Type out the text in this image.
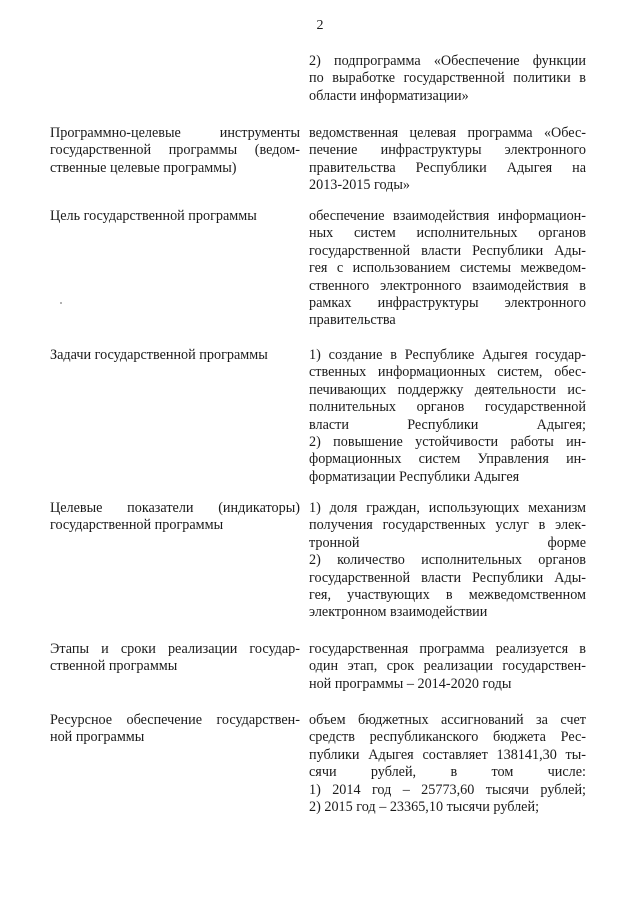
2
2) подпрограмма «Обеспечение функции
по выработке государственной политики в
области информатизации»
Программно-целевые инструменты
государственной программы (ведом-
ственные целевые программы)
ведомственная целевая программа «Обес-
печение инфраструктуры электронного
правительства Республики Адыгея на
2013-2015 годы»
Цель государственной программы	обеспечение взаимодействия информацион-
ных систем исполнительных органов
государственной власти Республики Ады-
гея с использованием системы межведом-
ственного электронного взаимодействия в
рамках инфраструктуры электронного
правительства
Задачи государственной программы	1) создание в Республике Адыгея государ-
ственных информационных систем, обес-
печивающих поддержку деятельности ис-
полнительных органов государственной
власти Республики Адыгея;
2) повышение устойчивости работы ин-
формационных систем Управления ин-
форматизации Республики Адыгея
Целевые показатели (индикаторы)
государственной программы
1) доля граждан, использующих механизм
получения государственных услуг в элек-
тронной форме
2) количество исполнительных органов
государственной власти Республики Ады-
гея, участвующих в межведомственном
электронном взаимодействии
Этапы и сроки реализации государ-
ственной программы
государственная программа реализуется в
один этап, срок реализации государствен-
ной программы – 2014-2020 годы
Ресурсное обеспечение государствен-
ной программы
объем бюджетных ассигнований за счет
средств республиканского бюджета Рес-
публики Адыгея составляет 138141,30 ты-
сячи рублей, в том числе:
1) 2014 год – 25773,60 тысячи рублей;
2) 2015 год – 23365,10 тысячи рублей;
